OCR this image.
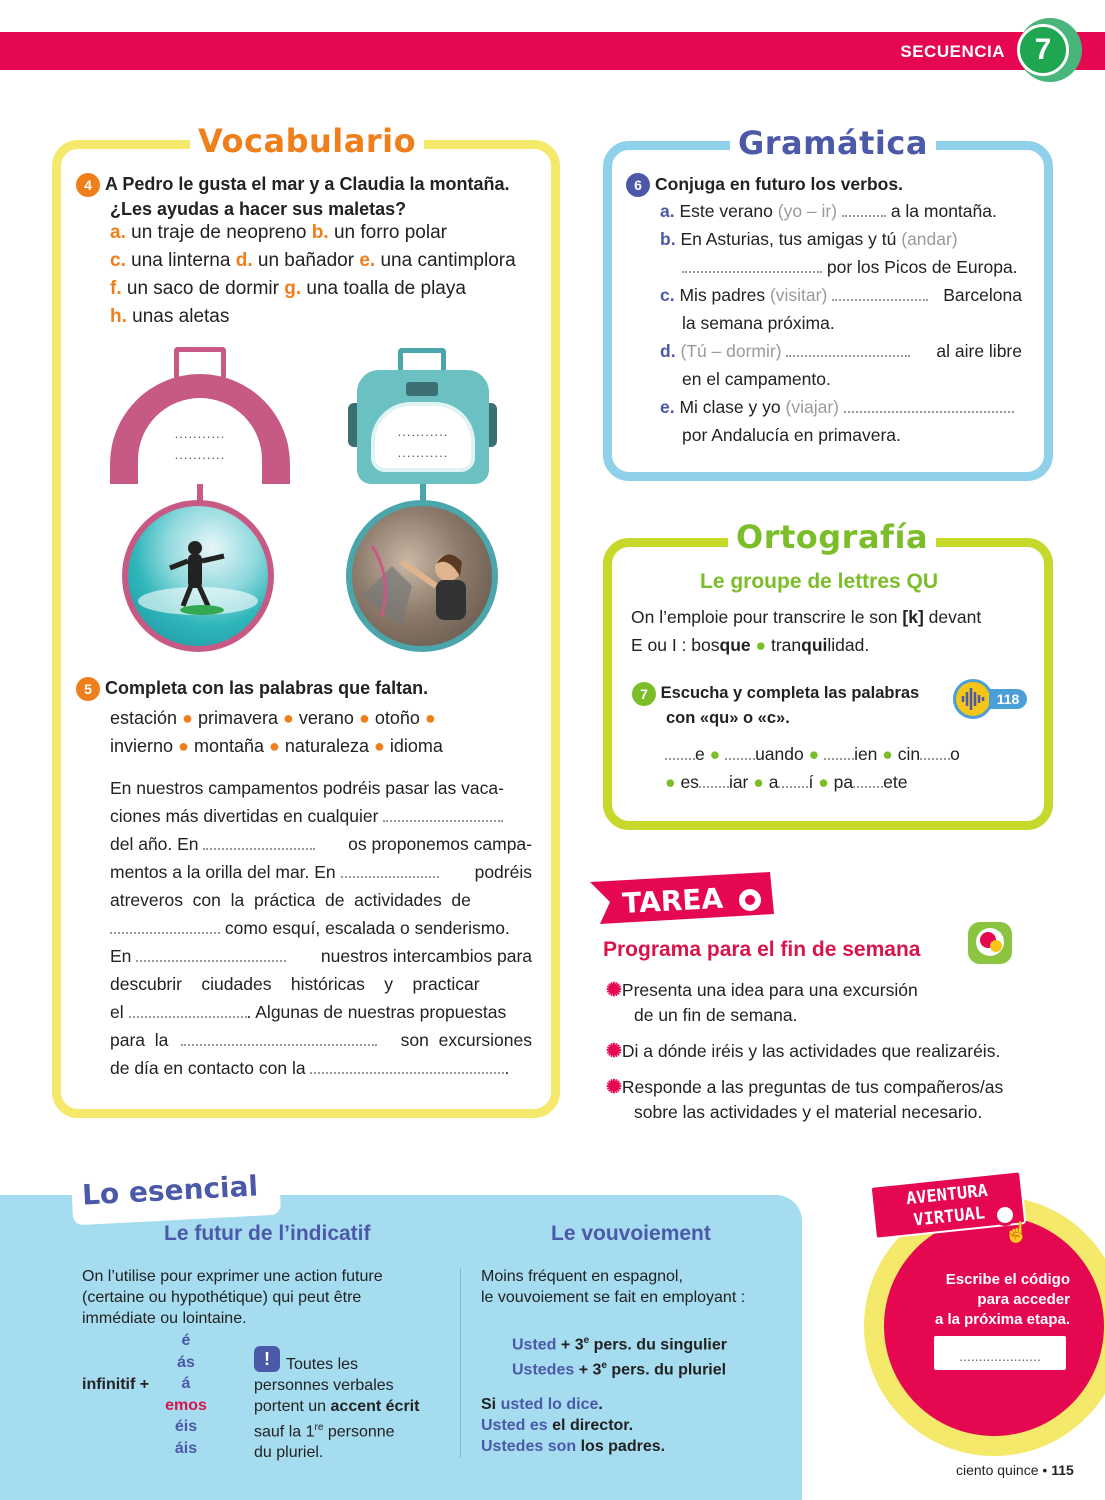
SECUENCIA 7
Vocabulario
4 A Pedro le gusta el mar y a Claudia la montaña.
¿Les ayudas a hacer sus maletas?
a. un traje de neopreno b. un forro polar
c. una linterna d. un bañador e. una cantimplora
f. un saco de dormir g. una toalla de playa
h. unas aletas
...........
...........
...........
...........
5 Completa con las palabras que faltan.
estación ● primavera ● verano ● otoño ●
invierno ● montaña ● naturaleza ● idioma
En nuestros campamentos podréis pasar las vaca-
ciones más divertidas en cualquier
del año. En	os proponemos campa-
mentos a la orilla del mar. En	podréis
atreveros  con  la  práctica  de  actividades  de
como esquí, escalada o senderismo.
En	nuestros intercambios para
descubrir    ciudades    históricas    y    practicar
el	. Algunas de nuestras propuestas
para  la	son  excursiones
de día en contacto con la	.
Gramática
6 Conjuga en futuro los verbos.
a. Este verano (yo – ir)	a la montaña.
b. En Asturias, tus amigas y tú (andar)
por los Picos de Europa.
c. Mis padres (visitar)	Barcelona
la semana próxima.
d. (Tú – dormir)	al aire libre
en el campamento.
e. Mi clase y yo (viajar)
por Andalucía en primavera.
Ortografía
Le groupe de lettres QU
On l’emploie pour transcrire le son [k] devant
E ou I : bosque ● tranquilidad.
7 Escucha y completa las palabras
con «qu» o «c».
118
e ● uando ● ien ● cin o
● es iar ● a í ● pa ete
TAREA
Programa para el fin de semana
✺Presenta una idea para una excursión
de un fin de semana.
✺Di a dónde iréis y las actividades que realizaréis.
✺Responde a las preguntas de tus compañeros/as
sobre las actividades y el material necesario.
Lo esencial
Le futur de l’indicatif	Le vouvoiement
On l’utilise pour exprimer une action future
(certaine ou hypothétique) qui peut être
immédiate ou lointaine.
infinitif +
é
ás
á
emos
éis
áis
!	Toutes les
personnes verbales
portent un accent écrit
sauf la 1re personne
du pluriel.
Moins fréquent en espagnol,
le vouvoiement se fait en employant :
Usted + $3^e$ pers. du singulier
Ustedes + $3^e$ pers. du pluriel
Si usted lo dice.
Usted es el director.
Ustedes son los padres.
AVENTURA
VIRTUAL
☝
Escribe el código
para acceder
a la próxima etapa.
.....................
ciento quince • 115
